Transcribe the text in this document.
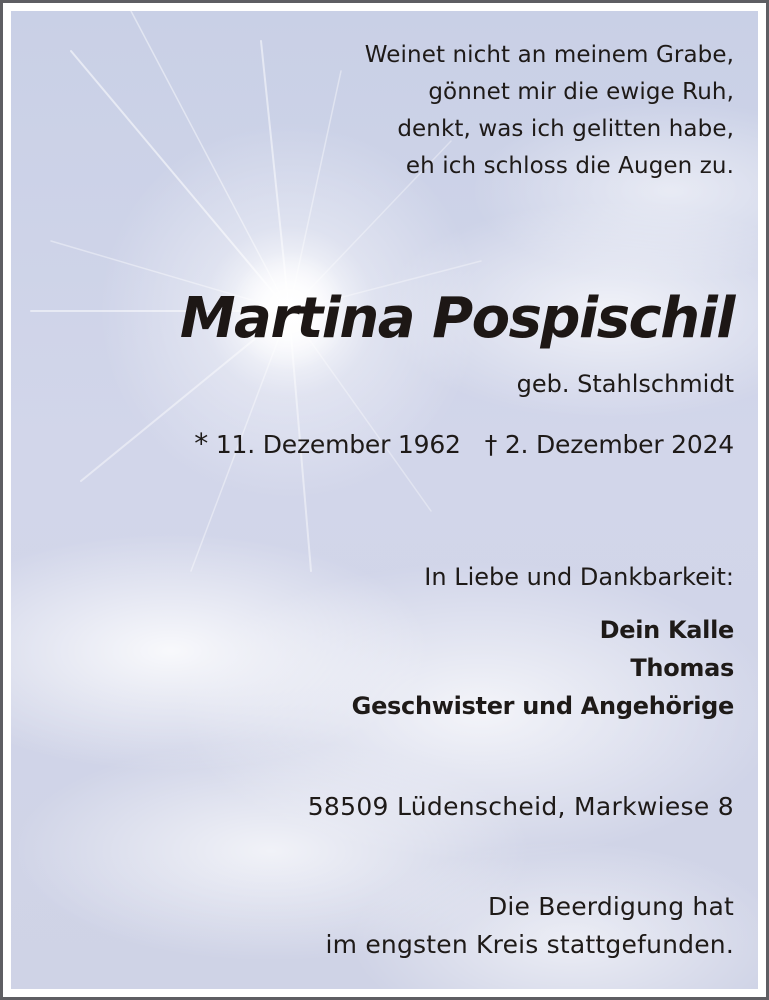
Weinet nicht an meinem Grabe,
gönnet mir die ewige Ruh,
denkt, was ich gelitten habe,
eh ich schloss die Augen zu.
Martina Pospischil
geb. Stahlschmidt
* 11. Dezember 1962 † 2. Dezember 2024
In Liebe und Dankbarkeit:
Dein Kalle
Thomas
Geschwister und Angehörige
58509 Lüdenscheid, Markwiese 8
Die Beerdigung hat
im engsten Kreis stattgefunden.
